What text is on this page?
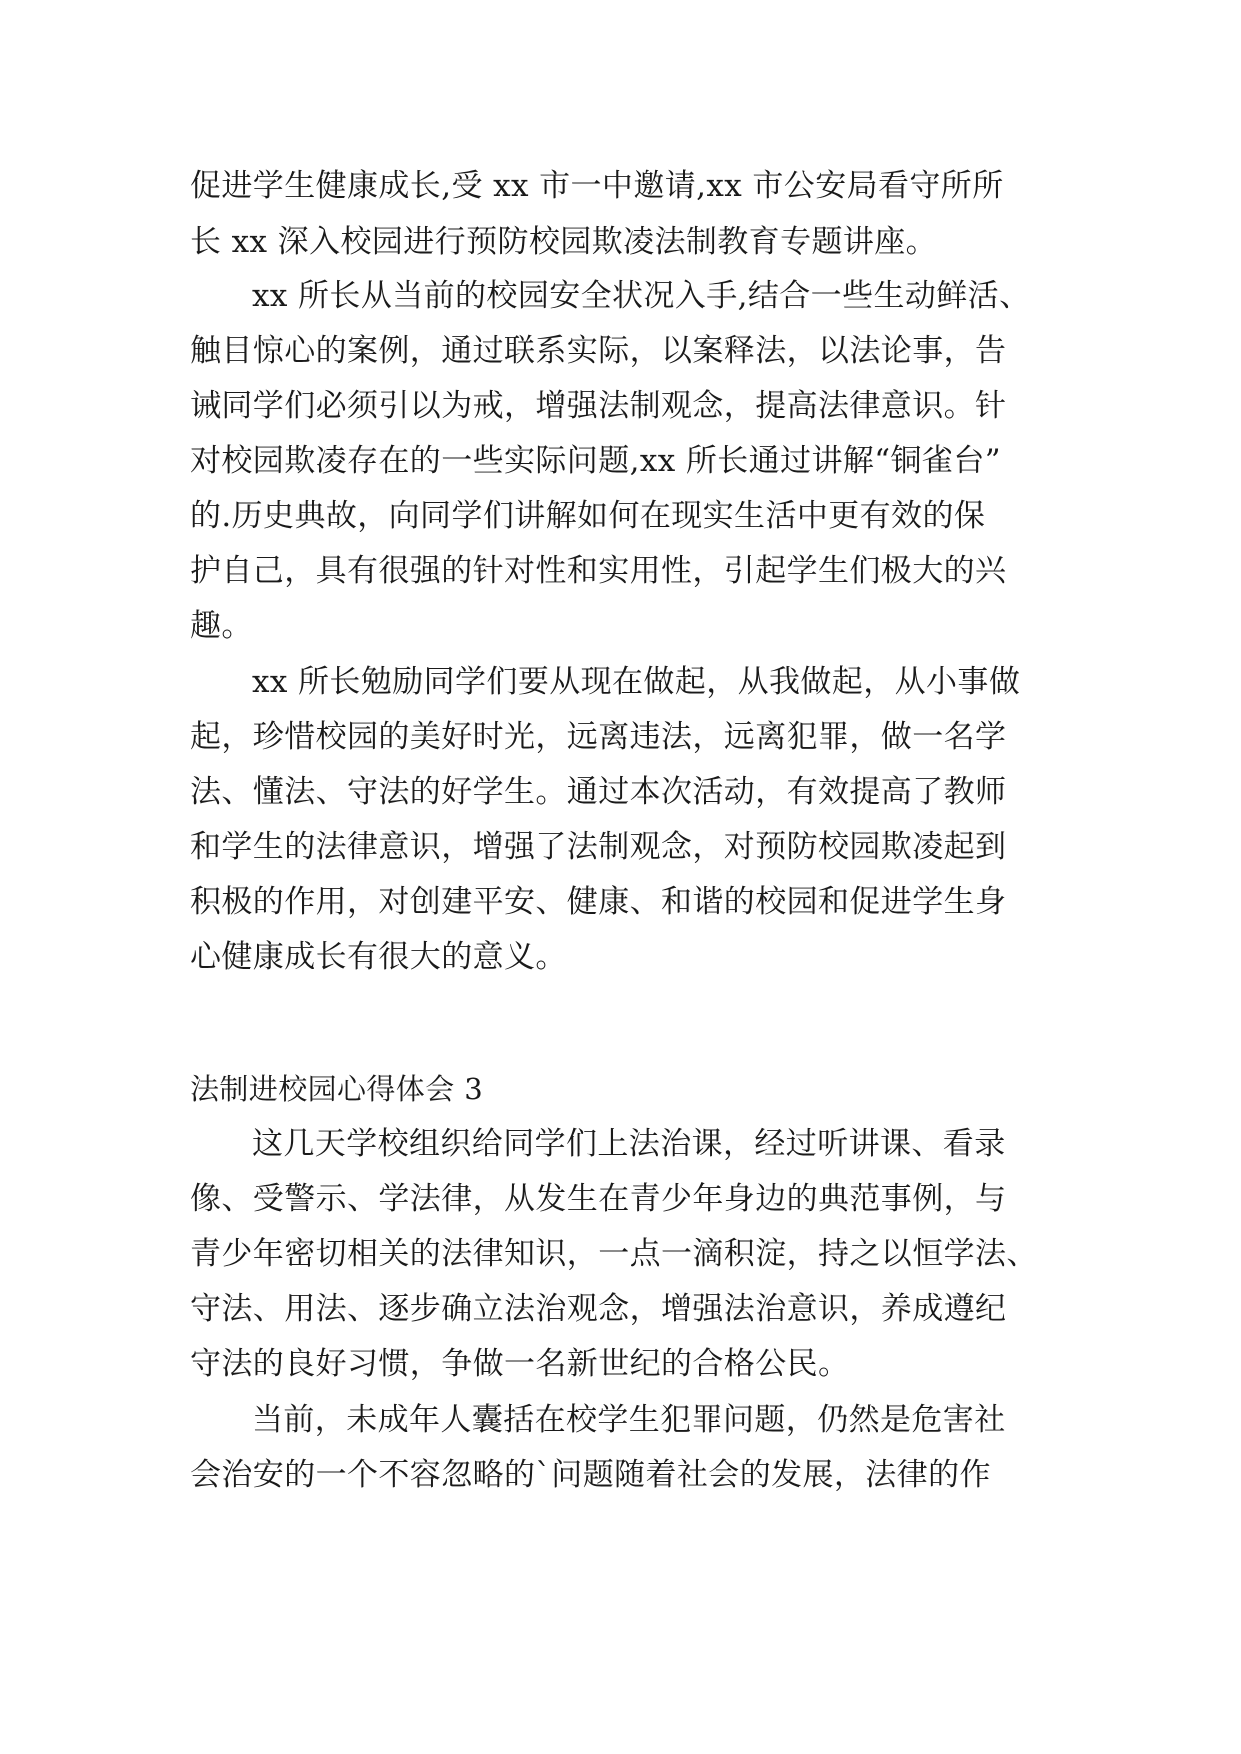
促进学生健康成长,受 xx 市一中邀请,xx 市公安局看守所所
长 xx 深入校园进行预防校园欺凌法制教育专题讲座。
xx 所长从当前的校园安全状况入手,结合一些生动鲜活、
触目惊心的案例，通过联系实际，以案释法，以法论事，告
诫同学们必须引以为戒，增强法制观念，提高法律意识。针
对校园欺凌存在的一些实际问题,xx 所长通过讲解“铜雀台”
的.历史典故，向同学们讲解如何在现实生活中更有效的保
护自己，具有很强的针对性和实用性，引起学生们极大的兴
趣。
xx 所长勉励同学们要从现在做起，从我做起，从小事做
起，珍惜校园的美好时光，远离违法，远离犯罪，做一名学
法、懂法、守法的好学生。通过本次活动，有效提高了教师
和学生的法律意识，增强了法制观念，对预防校园欺凌起到
积极的作用，对创建平安、健康、和谐的校园和促进学生身
心健康成长有很大的意义。
法制进校园心得体会 3
这几天学校组织给同学们上法治课，经过听讲课、看录
像、受警示、学法律，从发生在青少年身边的典范事例，与
青少年密切相关的法律知识，一点一滴积淀，持之以恒学法、
守法、用法、逐步确立法治观念，增强法治意识，养成遵纪
守法的良好习惯，争做一名新世纪的合格公民。
当前，未成年人囊括在校学生犯罪问题，仍然是危害社
会治安的一个不容忽略的`问题随着社会的发展，法律的作
